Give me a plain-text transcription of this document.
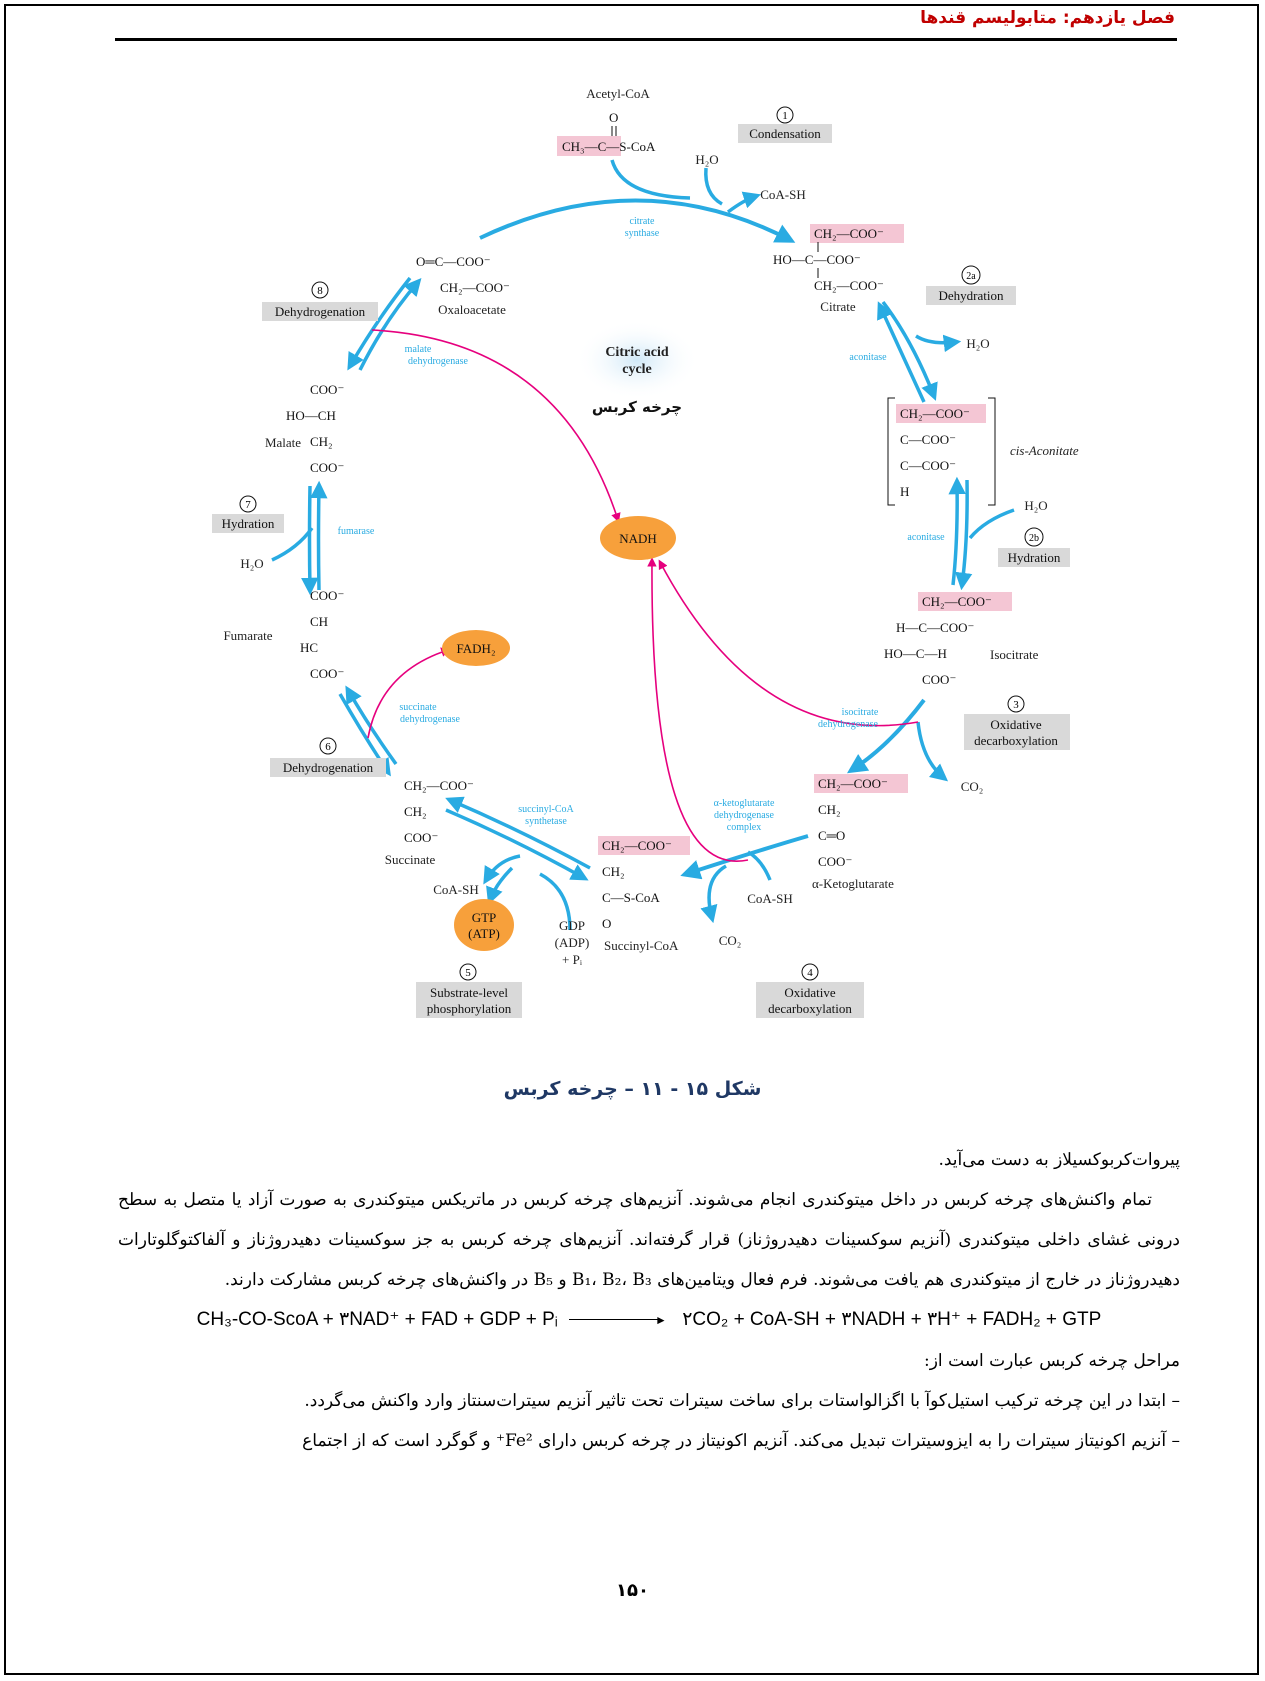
فصل یازدهم: متابولیسم قندها
Citric acid
cycle
چرخه کربس
NADH
FADH₂
GTP
(ATP)
Acetyl-CoA
O
CH₃—C—S-CoA
CH₂—COO⁻
HO—C—COO⁻
CH₂—COO⁻
Citrate
CH₂—COO⁻
C—COO⁻
C—COO⁻
H
cis-Aconitate
CH₂—COO⁻
H—C—COO⁻
HO—C—H
COO⁻
Isocitrate
CH₂—COO⁻
CH₂
C═O
COO⁻
α-Ketoglutarate
CH₂—COO⁻
CH₂
C—S-CoA
O
Succinyl-CoA
CH₂—COO⁻
CH₂
COO⁻
Succinate
COO⁻
CH
HC
COO⁻
Fumarate
COO⁻
HO—CH
CH₂
COO⁻
Malate
O═C—COO⁻
CH₂—COO⁻
Oxaloacetate
citrate
synthase
aconitase
aconitase
isocitrate
dehydrogenase
α-ketoglutarate
dehydrogenase
complex
succinyl-CoA
synthetase
succinate
dehydrogenase
fumarase
malate
dehydrogenase
H₂O
CoA-SH
H₂O
H₂O
CO₂
CoA-SH
CO₂
GDP
(ADP)
+ Pᵢ
CoA-SH
H₂O
1
Condensation
2a
Dehydration
2b
Hydration
3
Oxidative
decarboxylation
4
Oxidative
decarboxylation
5
Substrate-level
phosphorylation
6
Dehydrogenation
7
Hydration
8
Dehydrogenation
شکل ۱۵ - ۱۱ – چرخه کربس

پیروات‌کربوکسیلاز به دست می‌آید.

تمام واکنش‌های چرخه کربس در داخل میتوکندری انجام می‌شوند. آنزیم‌های چرخه کربس در ماتریکس میتوکندری به صورت آزاد یا متصل به سطح درونی غشای داخلی میتوکندری (آنزیم سوکسینات دهیدروژناز) قرار گرفته‌اند. آنزیم‌های چرخه کربس به جز سوکسینات دهیدروژناز و آلفاکتوگلوتارات دهیدروژناز در خارج از میتوکندری هم یافت می‌شوند. فرم فعال ویتامین‌های B₁، B₂، B₃ و B₅ در واکنش‌های چرخه کربس مشارکت دارند.

CH₃-CO-ScoA + ۳NAD⁺ + FAD + GDP + Pᵢ	► ۲CO₂ + CoA-SH + ۳NADH + ۳H⁺ + FADH₂ + GTP

مراحل چرخه کربس عبارت است از:

– ابتدا در این چرخه ترکیب استیل‌کوآ با اگزالواستات برای ساخت سیترات تحت تاثیر آنزیم سیترات‌سنتاز وارد واکنش می‌گردد.

– آنزیم اکونیتاز سیترات را به ایزوسیترات تبدیل می‌کند. آنزیم اکونیتاز در چرخه کربس دارای Fe²⁺ و گوگرد است که از اجتماع

۱۵۰
